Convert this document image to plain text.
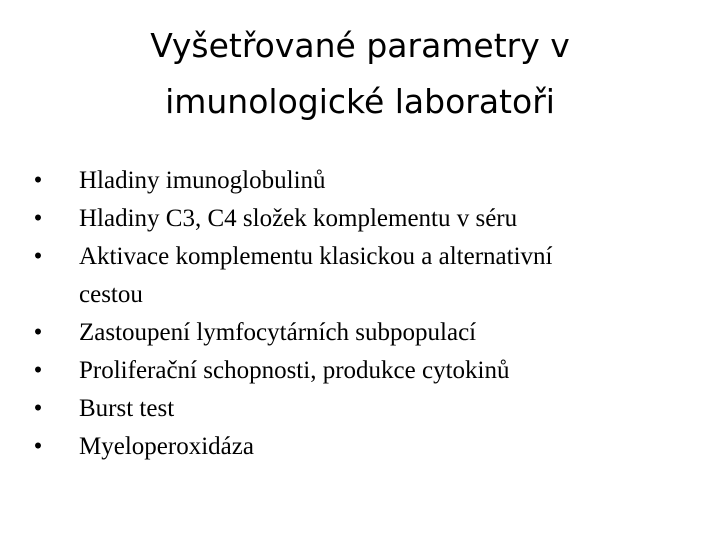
Vyšetřované parametry v
imunologické laboratoři
• Hladiny imunoglobulinů
• Hladiny C3, C4 složek komplementu v séru
• Aktivace komplementu klasickou a alternativní
cestou
• Zastoupení lymfocytárních subpopulací
• Proliferační schopnosti, produkce cytokinů
• Burst test
• Myeloperoxidáza
